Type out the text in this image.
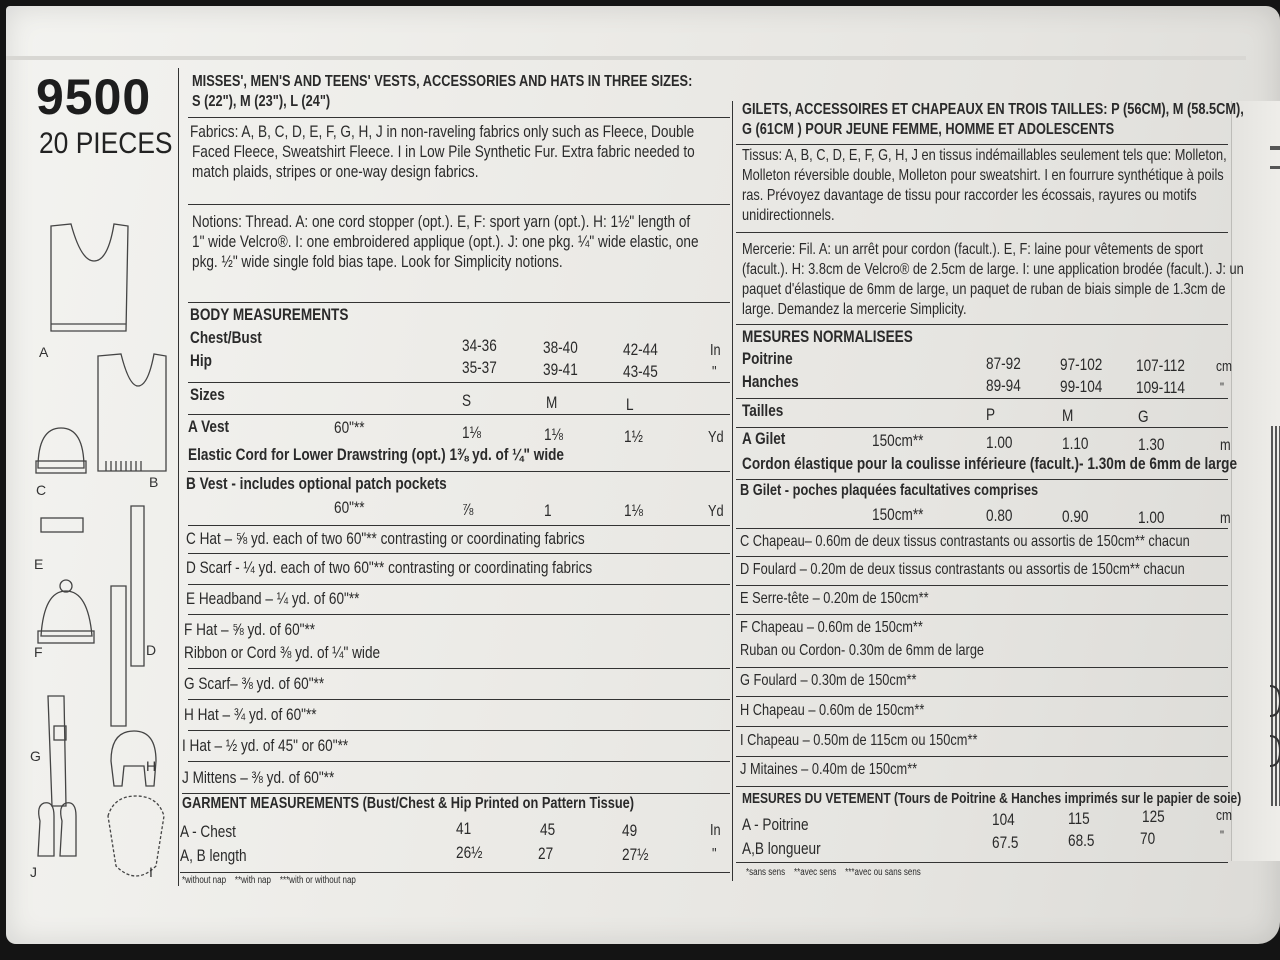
9500
20 PIECES
A
B
C
D
E
F
G
H
I
J
MISSES', MEN'S AND TEENS' VESTS, ACCESSORIES AND HATS IN THREE SIZES:
S (22"), M (23"), L (24")
Fabrics: A, B, C, D, E, F, G, H, J in non-raveling fabrics only such as Fleece, Double
Faced Fleece, Sweatshirt Fleece. I in Low Pile Synthetic Fur. Extra fabric needed to
match plaids, stripes or one-way design fabrics.
Notions: Thread. A: one cord stopper (opt.). E, F: sport yarn (opt.). H: 1½" length of
1" wide Velcro®. I: one embroidered applique (opt.). J: one pkg. ¼" wide elastic, one
pkg. ½" wide single fold bias tape. Look for Simplicity notions.
BODY MEASUREMENTS
Chest/Bust
Hip
34-36	38-40	42-44	In
35-37	39-41	43-45	"
Sizes	S	M	L
A Vest	60"**	1⅛	1⅛	1½	Yd
Elastic Cord for Lower Drawstring (opt.) 1⅜ yd. of ¼" wide
B Vest - includes optional patch pockets
60"**	⅞	1	1⅛	Yd
C Hat – ⅝ yd. each of two 60"** contrasting or coordinating fabrics
D Scarf - ¼ yd. each of two 60"** contrasting or coordinating fabrics
E Headband – ¼ yd. of 60"**
F Hat – ⅝ yd. of 60"**
Ribbon or Cord ⅜ yd. of ¼" wide
G Scarf– ⅜ yd. of 60"**
H Hat – ¾ yd. of 60"**
I Hat – ½ yd. of 45" or 60"**
J Mittens – ⅜ yd. of 60"**
GARMENT MEASUREMENTS (Bust/Chest & Hip Printed on Pattern Tissue)
A - Chest	41	45	49	In
A, B length	26½	27	27½	"
*without nap    **with nap    ***with or without nap
GILETS, ACCESSOIRES ET CHAPEAUX EN TROIS TAILLES: P (56CM), M (58.5CM),
G (61CM ) POUR JEUNE FEMME, HOMME ET ADOLESCENTS
Tissus: A, B, C, D, E, F, G, H, J en tissus indémaillables seulement tels que: Molleton,
Molleton réversible double, Molleton pour sweatshirt. I en fourrure synthétique à poils
ras. Prévoyez davantage de tissu pour raccorder les écossais, rayures ou motifs
unidirectionnels.
Mercerie: Fil. A: un arrêt pour cordon (facult.). E, F: laine pour vêtements de sport
(facult.). H: 3.8cm de Velcro® de 2.5cm de large. I: une application brodée (facult.). J: un
paquet d'élastique de 6mm de large, un paquet de ruban de biais simple de 1.3cm de
large. Demandez la mercerie Simplicity.
MESURES NORMALISEES
Poitrine
Hanches
87-92 97-102 107-112 cm
89-94 99-104 109-114	"
Tailles	P	M	G
A Gilet	150cm**	1.00	1.10	1.30	m
Cordon élastique pour la coulisse inférieure (facult.)- 1.30m de 6mm de large
B Gilet - poches plaquées facultatives comprises
150cm**	0.80	0.90	1.00	m
C Chapeau– 0.60m de deux tissus contrastants ou assortis de 150cm** chacun
D Foulard – 0.20m de deux tissus contrastants ou assortis de 150cm** chacun
E Serre-tête – 0.20m de 150cm**
F Chapeau – 0.60m de 150cm**
Ruban ou Cordon- 0.30m de 6mm de large
G Foulard – 0.30m de 150cm**
H Chapeau – 0.60m de 150cm**
I Chapeau – 0.50m de 115cm ou 150cm**
J Mitaines – 0.40m de 150cm**
MESURES DU VETEMENT (Tours de Poitrine & Hanches imprimés sur le papier de soie)
A - Poitrine	104	115	125	cm
A,B longueur	67.5	68.5	70	"
*sans sens    **avec sens    ***avec ou sans sens
